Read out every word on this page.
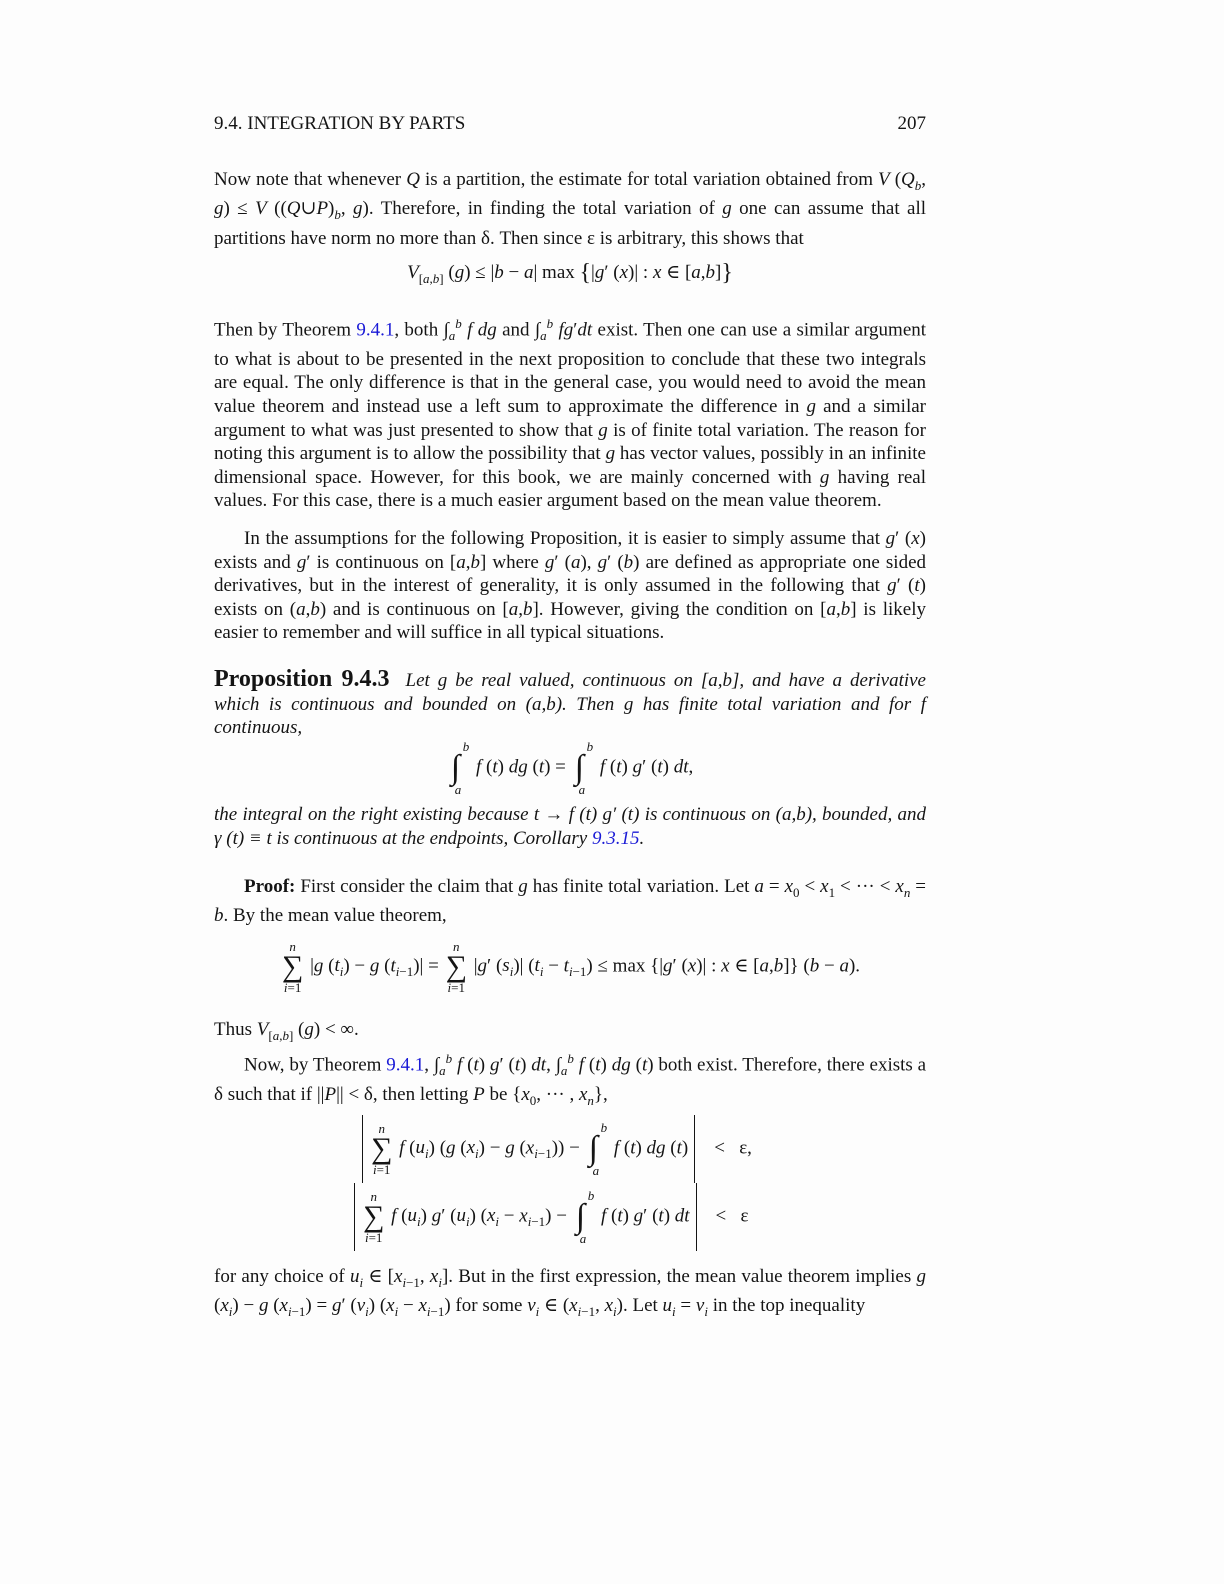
9.4. INTEGRATION BY PARTS	207
Now note that whenever Q is a partition, the estimate for total variation obtained from V ($Q_b$, g) ≤ V ($(Q\cup P)_b$, g). Therefore, in finding the total variation of g one can assume that all partitions have norm no more than δ. Then since ε is arbitrary, this shows that
$V_{[a,b]}$ (g) ≤ |b − a| max {|g′ (x)| : x ∈ [a,b]}
Then by Theorem 9.4.1, both $\int_a^b$ f dg and $\int_a^b$ fg′dt exist. Then one can use a similar argument to what is about to be presented in the next proposition to conclude that these two integrals are equal. The only difference is that in the general case, you would need to avoid the mean value theorem and instead use a left sum to approximate the difference in g and a similar argument to what was just presented to show that g is of finite total variation. The reason for noting this argument is to allow the possibility that g has vector values, possibly in an infinite dimensional space. However, for this book, we are mainly concerned with g having real values. For this case, there is a much easier argument based on the mean value theorem.
In the assumptions for the following Proposition, it is easier to simply assume that g′ (x) exists and g′ is continuous on [a,b] where g′ (a), g′ (b) are defined as appropriate one sided derivatives, but in the interest of generality, it is only assumed in the following that g′ (t) exists on (a,b) and is continuous on [a,b]. However, giving the condition on [a,b] is likely easier to remember and will suffice in all typical situations.
Proposition 9.4.3  Let g be real valued, continuous on [a,b], and have a derivative which is continuous and bounded on (a,b). Then g has finite total variation and for f continuous,
b
∫
a
f (t) dg (t) =
b
∫
a
f (t) g′ (t) dt,
the integral on the right existing because t → f (t) g′ (t) is continuous on (a,b), bounded, and γ (t) ≡ t is continuous at the endpoints, Corollary 9.3.15.
Proof: First consider the claim that g has finite total variation. Let $a = x_0 < x_1$ < ··· < $x_n = b$. By the mean value theorem,
n
∑
i=1
|g $(t_i) - g$ $(t_{i-1})|$ =
n
∑
i=1
|g′ $(s_i)|$ $(t_i - t_{i-1}) \le \max \{|g'$ (x)| : x ∈ [a,b]} (b − a).
Thus $V_{[a,b]}$ (g) < ∞.
Now, by Theorem 9.4.1, $\int_a^b$ f (t) g′ (t) dt, $\int_a^b$ f (t) dg (t) both exist. Therefore, there exists a δ such that if ||P|| < δ, then letting P be {$x_0$, ··· , $x_n$},
n
∑
i=1
f $(u_i)$ (g $(x_i) - g$ $(x_{i-1})$) −
b
∫
a
f (t) dg (t)    <   ε,
n
∑
i=1
f $(u_i)$ g′ $(u_i) (x_i - x_{i-1})$ −
b
∫
a
f (t) g′ (t) dt    <   ε
for any choice of $u_i$ ∈ [$x_{i-1}$, $x_i$]. But in the first expression, the mean value theorem implies g $(x_i) - g$ $(x_{i-1}) = g'$ $(v_i) (x_i - x_{i-1})$ for some $v_i$ ∈ ($x_{i-1}$, $x_i$). Let $u_i = v_i$ in the top inequality
